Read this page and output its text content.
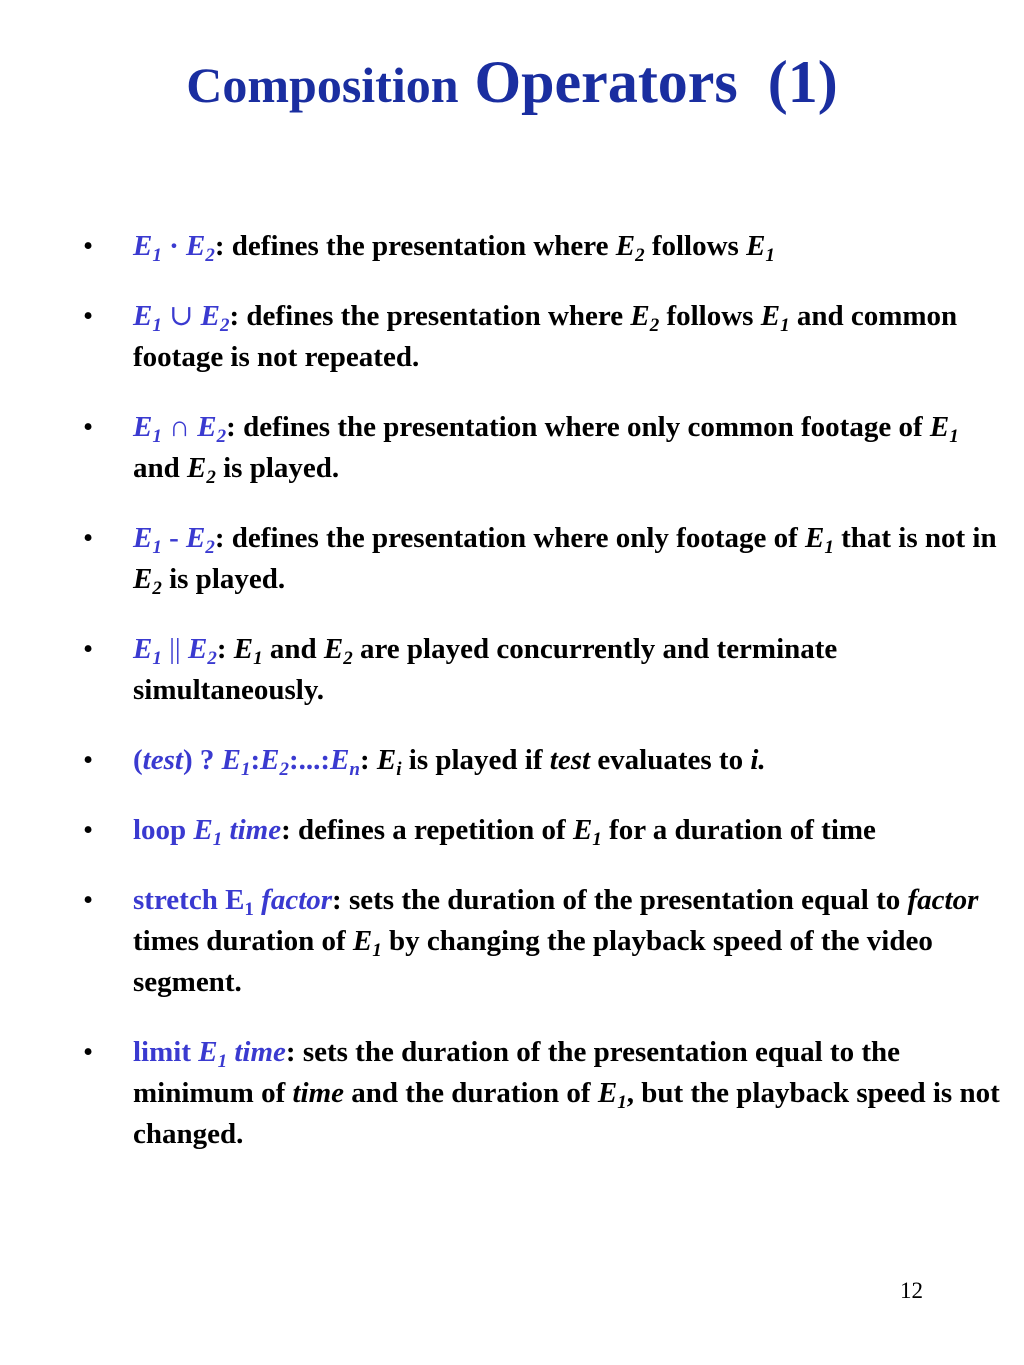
Composition Operators (1)
• $E_1 \cdot E_2$: defines the presentation where $E_2$ follows $E_1$
• $E_1$ ∪ $E_2$: defines the presentation where $E_2$ follows $E_1$ and common footage is not repeated.
• $E_1$ ∩ $E_2$: defines the presentation where only common footage of $E_1$ and $E_2$ is played.
• $E_1 - E_2$: defines the presentation where only footage of $E_1$ that is not in $E_2$ is played.
• $E_1$ || $E_2$: $E_1$ and $E_2$ are played concurrently and terminate simultaneously.
• (test) ? $E_1:E_2:...:E_n$: $E_i$ is played if test evaluates to i.
• loop $E_1$ time: defines a repetition of $E_1$ for a duration of time
• stretch $E_1$ factor: sets the duration of the presentation equal to factor times duration of $E_1$ by changing the playback speed of the video segment.
• limit $E_1$ time: sets the duration of the presentation equal to the minimum of time and the duration of $E_1$, but the playback speed is not changed.
12
